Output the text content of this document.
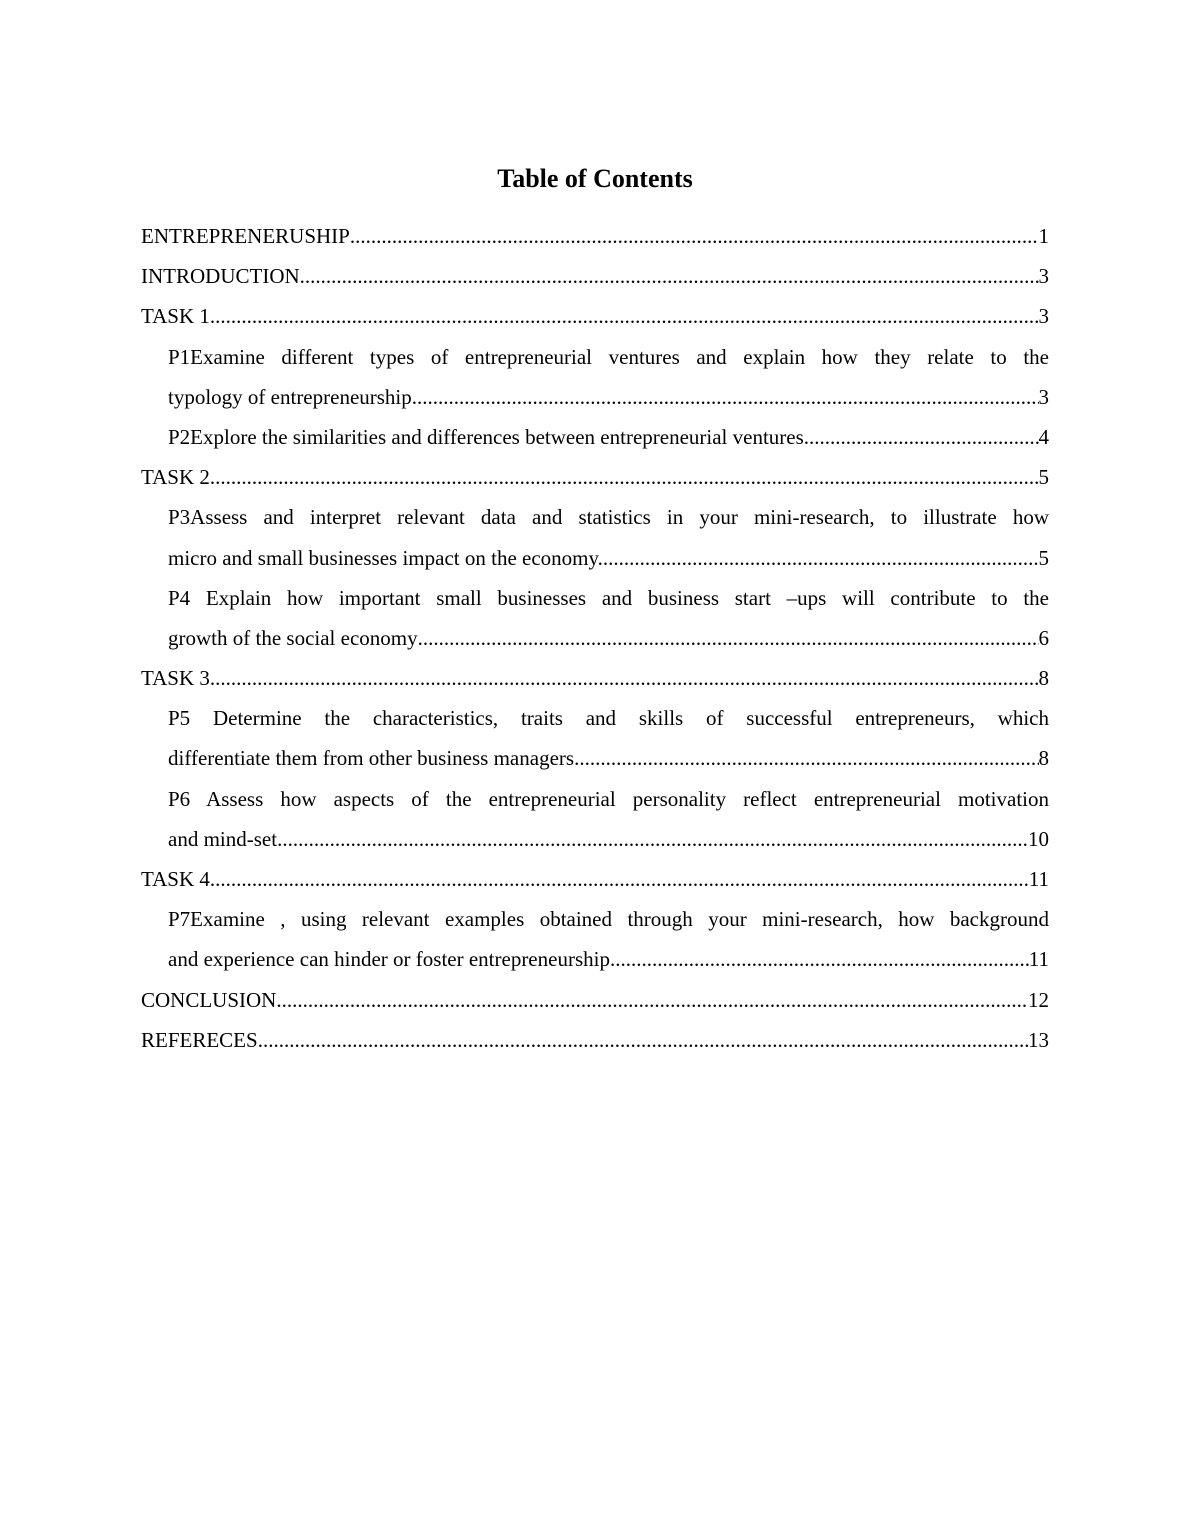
Table of Contents
ENTREPRENERUSHIP .....	1
INTRODUCTION .....	3
TASK 1 .....	3
P1Examine different types of entrepreneurial ventures and explain how they relate to the
typology of entrepreneurship .....	3
P2Explore the similarities and differences between entrepreneurial ventures. .....	4
TASK 2 .....	5
P3Assess and interpret relevant data and statistics in your mini-research, to illustrate how
micro and small businesses impact on the economy. .....	5
P4 Explain how important small businesses and business start –ups will contribute to the
growth of the social economy .....	6
TASK 3 .....	8
P5 Determine the characteristics, traits and skills of successful entrepreneurs, which
differentiate them from other business managers .....	8
P6 Assess how aspects of the entrepreneurial personality reflect entrepreneurial motivation
and mind-set .....	10
TASK 4 .....	11
P7Examine , using relevant examples obtained through your mini-research, how background
and experience can hinder or foster entrepreneurship .....	11
CONCLUSION .....	12
REFERECES .....	13
